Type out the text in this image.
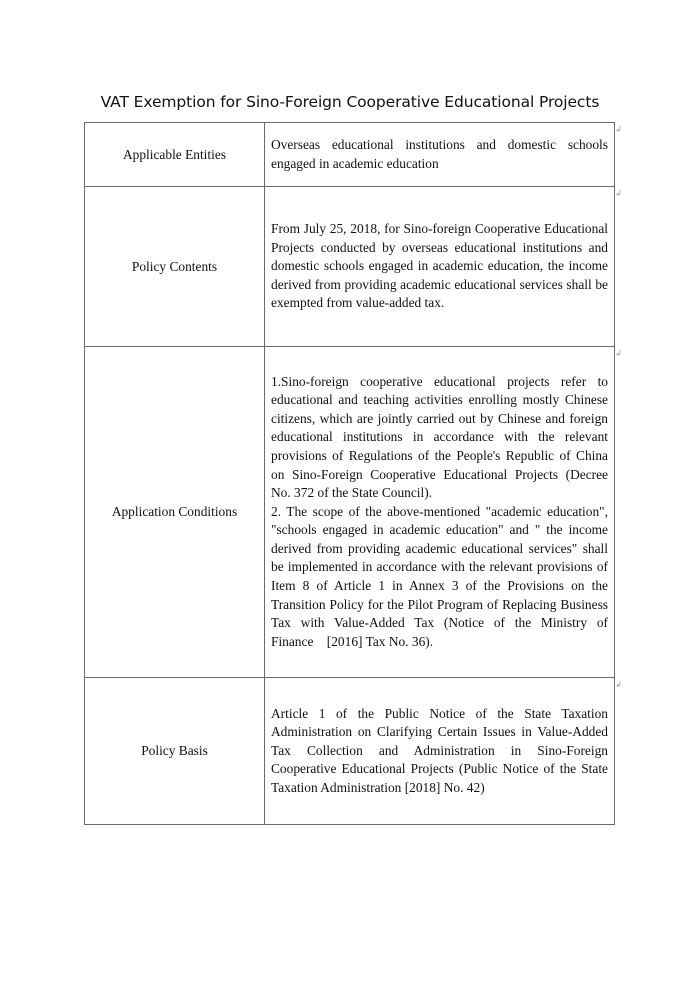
VAT Exemption for Sino-Foreign Cooperative Educational Projects
Applicable Entities	Overseas educational institutions and domestic schools engaged in academic education
↲

Policy Contents	From July 25, 2018, for Sino-foreign Cooperative Educational Projects conducted by overseas educational institutions and domestic schools engaged in academic education, the income derived from providing academic educational services shall be exempted from value-added tax.
↲

Application Conditions	1.Sino-foreign cooperative educational projects refer to educational and teaching activities enrolling mostly Chinese citizens, which are jointly carried out by Chinese and foreign educational institutions in accordance with the relevant provisions of Regulations of the People's Republic of China on Sino-Foreign Cooperative Educational Projects (Decree No. 372 of the State Council).
2. The scope of the above-mentioned "academic education", "schools engaged in academic education" and " the income derived from providing academic educational services" shall be implemented in accordance with the relevant provisions of Item 8 of Article 1 in Annex 3 of the Provisions on the Transition Policy for the Pilot Program of Replacing Business Tax with Value-Added Tax (Notice of the Ministry of Finance    [2016] Tax No. 36).
↲

Policy Basis	Article 1 of the Public Notice of the State Taxation Administration on Clarifying Certain Issues in Value-Added Tax Collection and Administration in Sino-Foreign Cooperative Educational Projects (Public Notice of the State Taxation Administration [2018] No. 42)
↲
